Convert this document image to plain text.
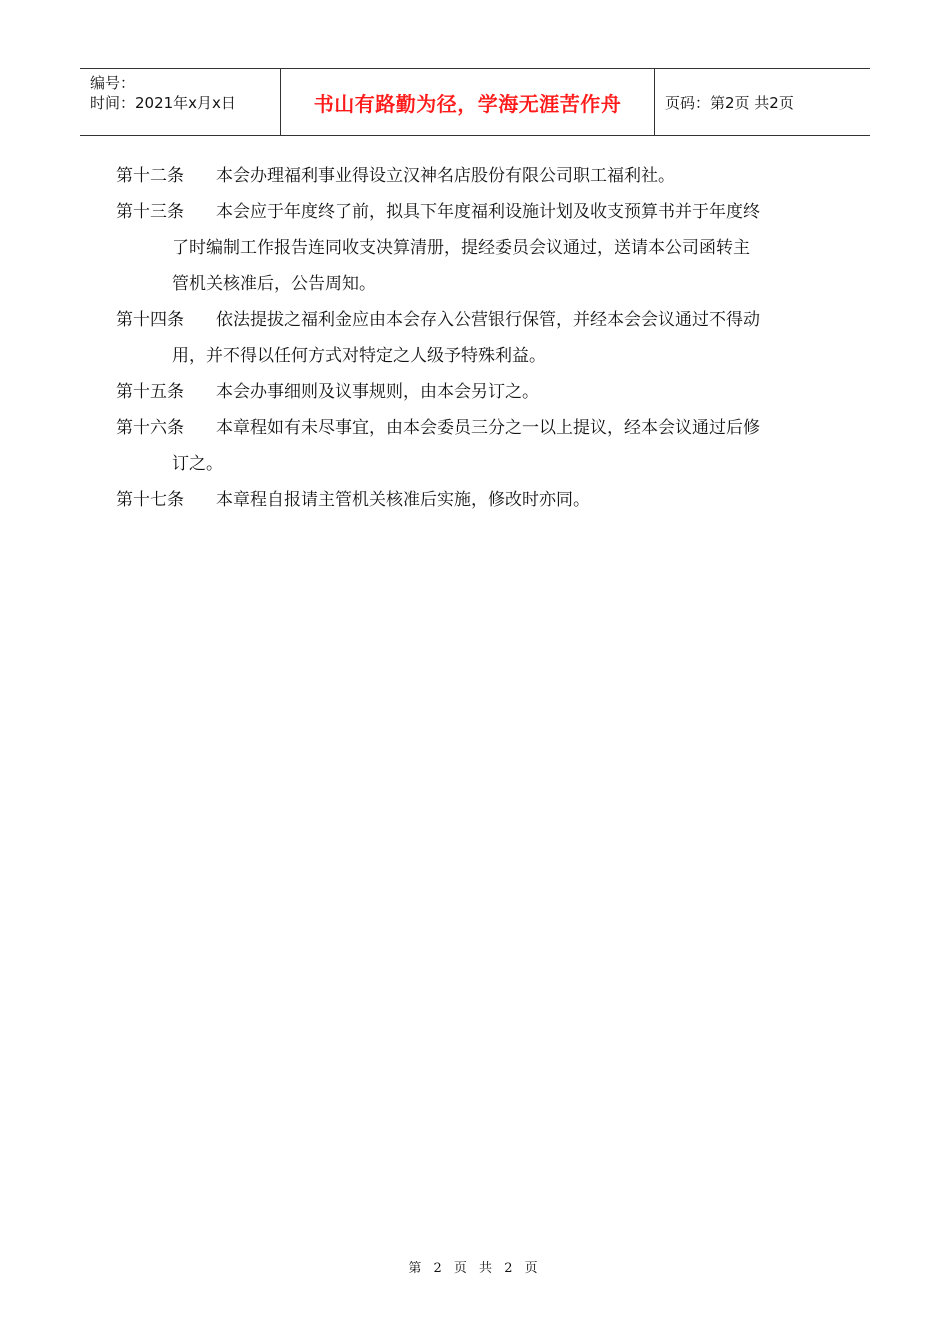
编号：
时间：2021年x月x日	书山有路勤为径，学海无涯苦作舟	页码：第2页 共2页
第十二条	本会办理福利事业得设立汉神名店股份有限公司职工福利社。
第十三条	本会应于年度终了前，拟具下年度福利设施计划及收支预算书并于年度终
了时编制工作报告连同收支决算清册，提经委员会议通过，送请本公司函转主
管机关核准后，公告周知。
第十四条	依法提拔之福利金应由本会存入公营银行保管，并经本会会议通过不得动
用，并不得以任何方式对特定之人级予特殊利益。
第十五条	本会办事细则及议事规则，由本会另订之。
第十六条	本章程如有未尽事宜，由本会委员三分之一以上提议，经本会议通过后修
订之。
第十七条	本章程自报请主管机关核准后实施，修改时亦同。
第 2 页 共 2 页
